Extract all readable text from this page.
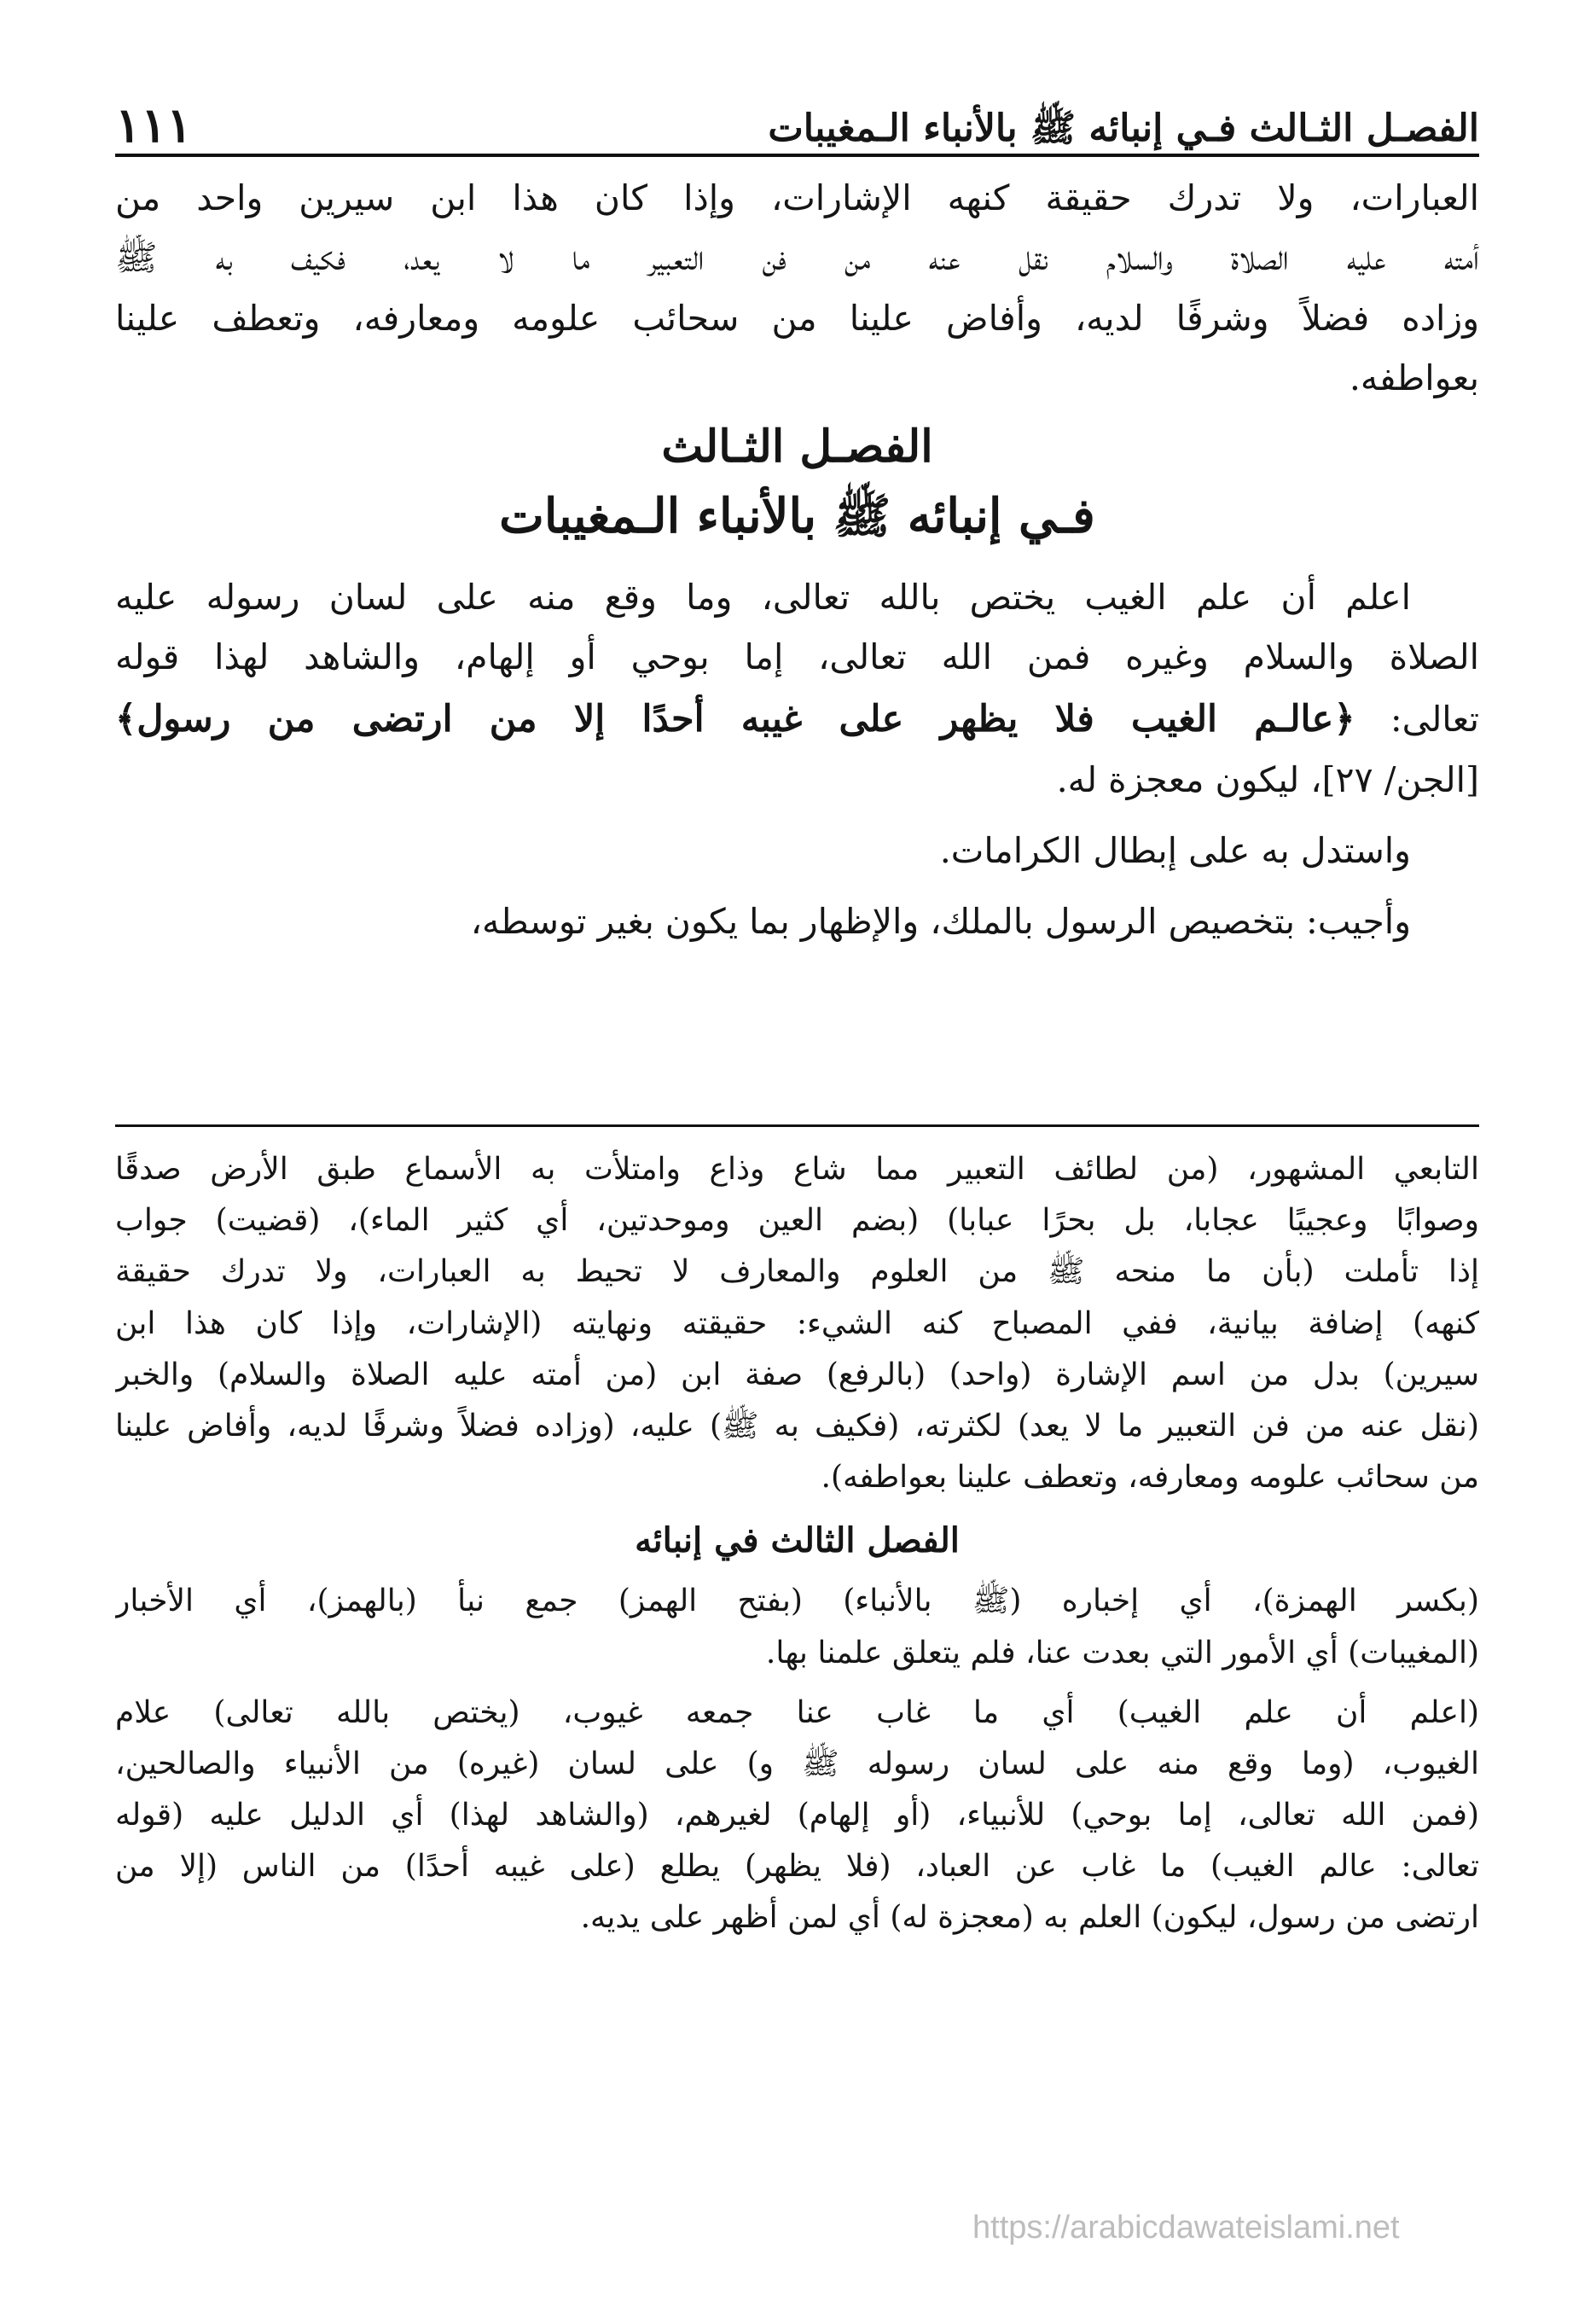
الفصـل الثـالث فـي إنبائه ﷺ بالأنباء الـمغيبات
١١١
العبارات، ولا تدرك حقيقة كنهه الإشارات، وإذا كان هذا ابن سيرين واحد من
أمته عليه الصلاة والسلام نقل عنه من فن التعبير ما لا يعد، فكيف به ﷺ
وزاده فضلاً وشرفًا لديه، وأفاض علينا من سحائب علومه ومعارفه، وتعطف علينا
بعواطفه.
الفصـل الثـالث
فـي إنبائه ﷺ بالأنباء الـمغيبات
اعلم أن علم الغيب يختص بالله تعالى، وما وقع منه على لسان رسوله عليه
الصلاة والسلام وغيره فمن الله تعالى، إما بوحي أو إلهام، والشاهد لهذا قوله
تعالى: ﴿عالـم الغيب فلا يظهر على غيبه أحدًا إلا من ارتضى من رسول﴾
[الجن/ ٢٧]، ليكون معجزة له.
واستدل به على إبطال الكرامات.
وأجيب: بتخصيص الرسول بالملك، والإظهار بما يكون بغير توسطه،
التابعي المشهور، (من لطائف التعبير مما شاع وذاع وامتلأت به الأسماع طبق الأرض صدقًا
وصوابًا وعجيبًا عجابا، بل بحرًا عبابا) (بضم العين وموحدتين، أي كثير الماء)، (قضيت) جواب
إذا تأملت (بأن ما منحه ﷺ من العلوم والمعارف لا تحيط به العبارات، ولا تدرك حقيقة
كنهه) إضافة بيانية، ففي المصباح كنه الشيء: حقيقته ونهايته (الإشارات، وإذا كان هذا ابن
سيرين) بدل من اسم الإشارة (واحد) (بالرفع) صفة ابن (من أمته عليه الصلاة والسلام) والخبر
(نقل عنه من فن التعبير ما لا يعد) لكثرته، (فكيف به ﷺ) عليه، (وزاده فضلاً وشرفًا لديه، وأفاض علينا
من سحائب علومه ومعارفه، وتعطف علينا بعواطفه).
الفصل الثالث في إنبائه
(بكسر الهمزة)، أي إخباره (ﷺ بالأنباء) (بفتح الهمز) جمع نبأ (بالهمز)، أي الأخبار
(المغيبات) أي الأمور التي بعدت عنا، فلم يتعلق علمنا بها.
(اعلم أن علم الغيب) أي ما غاب عنا جمعه غيوب، (يختص بالله تعالى) علام
الغيوب، (وما وقع منه على لسان رسوله ﷺ و) على لسان (غيره) من الأنبياء والصالحين،
(فمن الله تعالى، إما بوحي) للأنبياء، (أو إلهام) لغيرهم، (والشاهد لهذا) أي الدليل عليه (قوله
تعالى: عالم الغيب) ما غاب عن العباد، (فلا يظهر) يطلع (على غيبه أحدًا) من الناس (إلا من
ارتضى من رسول، ليكون) العلم به (معجزة له) أي لمن أظهر على يديه.
https://arabicdawateislami.net
